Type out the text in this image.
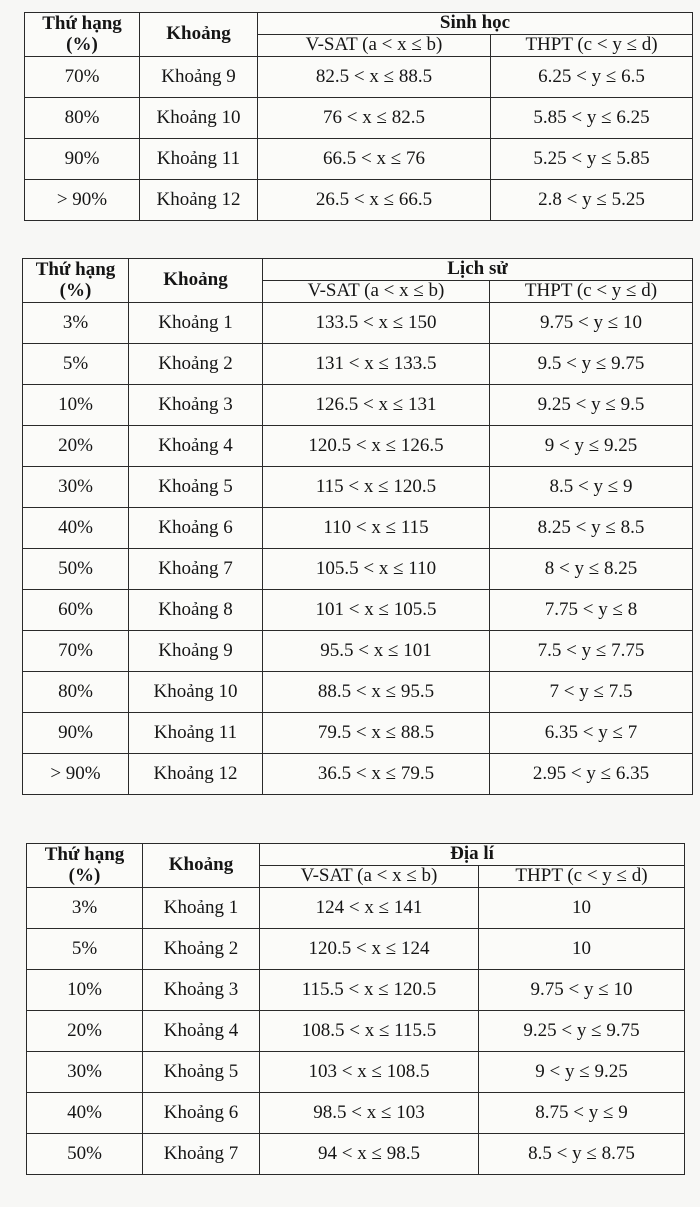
Thứ hạng
(%)	Khoảng	Sinh học	
		V-SAT (a < x ≤ b)	THPT (c < y ≤ d)
70%	Khoảng 9	82.5 < x ≤ 88.5	6.25 < y ≤ 6.5
80%	Khoảng 10	76 < x ≤ 82.5	5.85 < y ≤ 6.25
90%	Khoảng 11	66.5 < x ≤ 76	5.25 < y ≤ 5.85
> 90%	Khoảng 12	26.5 < x ≤ 66.5	2.8 < y ≤ 5.25
Thứ hạng
(%)	Khoảng	Lịch sử	
		V-SAT (a < x ≤ b)	THPT (c < y ≤ d)
3%	Khoảng 1	133.5 < x ≤ 150	9.75 < y ≤ 10
5%	Khoảng 2	131 < x ≤ 133.5	9.5 < y ≤ 9.75
10%	Khoảng 3	126.5 < x ≤ 131	9.25 < y ≤ 9.5
20%	Khoảng 4	120.5 < x ≤ 126.5	9 < y ≤ 9.25
30%	Khoảng 5	115 < x ≤ 120.5	8.5 < y ≤ 9
40%	Khoảng 6	110 < x ≤ 115	8.25 < y ≤ 8.5
50%	Khoảng 7	105.5 < x ≤ 110	8 < y ≤ 8.25
60%	Khoảng 8	101 < x ≤ 105.5	7.75 < y ≤ 8
70%	Khoảng 9	95.5 < x ≤ 101	7.5 < y ≤ 7.75
80%	Khoảng 10	88.5 < x ≤ 95.5	7 < y ≤ 7.5
90%	Khoảng 11	79.5 < x ≤ 88.5	6.35 < y ≤ 7
> 90%	Khoảng 12	36.5 < x ≤ 79.5	2.95 < y ≤ 6.35
Thứ hạng
(%)	Khoảng	Địa lí	
		V-SAT (a < x ≤ b)	THPT (c < y ≤ d)
3%	Khoảng 1	124 < x ≤ 141	10
5%	Khoảng 2	120.5 < x ≤ 124	10
10%	Khoảng 3	115.5 < x ≤ 120.5	9.75 < y ≤ 10
20%	Khoảng 4	108.5 < x ≤ 115.5	9.25 < y ≤ 9.75
30%	Khoảng 5	103 < x ≤ 108.5	9 < y ≤ 9.25
40%	Khoảng 6	98.5 < x ≤ 103	8.75 < y ≤ 9
50%	Khoảng 7	94 < x ≤ 98.5	8.5 < y ≤ 8.75
